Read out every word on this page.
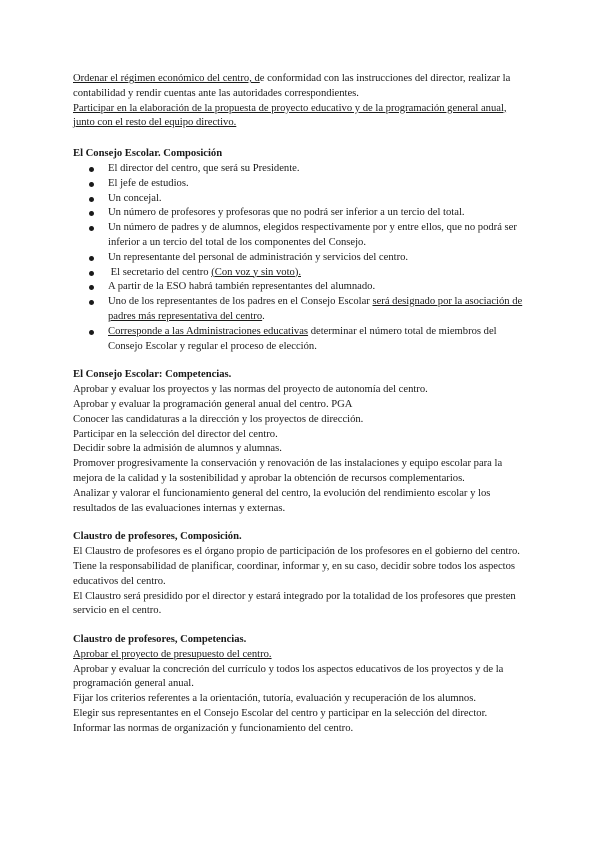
Ordenar el régimen económico del centro, de conformidad con las instrucciones del director, realizar la contabilidad y rendir cuentas ante las autoridades correspondientes.

Participar en la elaboración de la propuesta de proyecto educativo y de la programación general anual, junto con el resto del equipo directivo.

El Consejo Escolar. Composición

El director del centro, que será su Presidente.
El jefe de estudios.
Un concejal.
Un número de profesores y profesoras que no podrá ser inferior a un tercio del total.
Un número de padres y de alumnos, elegidos respectivamente por y entre ellos, que no podrá ser inferior a un tercio del total de los componentes del Consejo.
Un representante del personal de administración y servicios del centro.
El secretario del centro (Con voz y sin voto).
A partir de la ESO habrá también representantes del alumnado.
Uno de los representantes de los padres en el Consejo Escolar será designado por la asociación de padres más representativa del centro.
Corresponde a las Administraciones educativas determinar el número total de miembros del Consejo Escolar y regular el proceso de elección.

El Consejo Escolar: Competencias.

Aprobar y evaluar los proyectos y las normas del proyecto de autonomía del centro.

Aprobar y evaluar la programación general anual del centro. PGA

Conocer las candidaturas a la dirección y los proyectos de dirección.

Participar en la selección del director del centro.

Decidir sobre la admisión de alumnos y alumnas.

Promover progresivamente la conservación y renovación de las instalaciones y equipo escolar para la mejora de la calidad y la sostenibilidad y aprobar la obtención de recursos complementarios.

Analizar y valorar el funcionamiento general del centro, la evolución del rendimiento escolar y los resultados de las evaluaciones internas y externas.

Claustro de profesores, Composición.

El Claustro de profesores es el órgano propio de participación de los profesores en el gobierno del centro.

Tiene la responsabilidad de planificar, coordinar, informar y, en su caso, decidir sobre todos los aspectos educativos del centro.

El Claustro será presidido por el director y estará integrado por la totalidad de los profesores que presten servicio en el centro.

Claustro de profesores, Competencias.

Aprobar el proyecto de presupuesto del centro.

Aprobar y evaluar la concreción del currículo y todos los aspectos educativos de los proyectos y de la programación general anual.

Fijar los criterios referentes a la orientación, tutoría, evaluación y recuperación de los alumnos.

Elegir sus representantes en el Consejo Escolar del centro y participar en la selección del director.

Informar las normas de organización y funcionamiento del centro.
